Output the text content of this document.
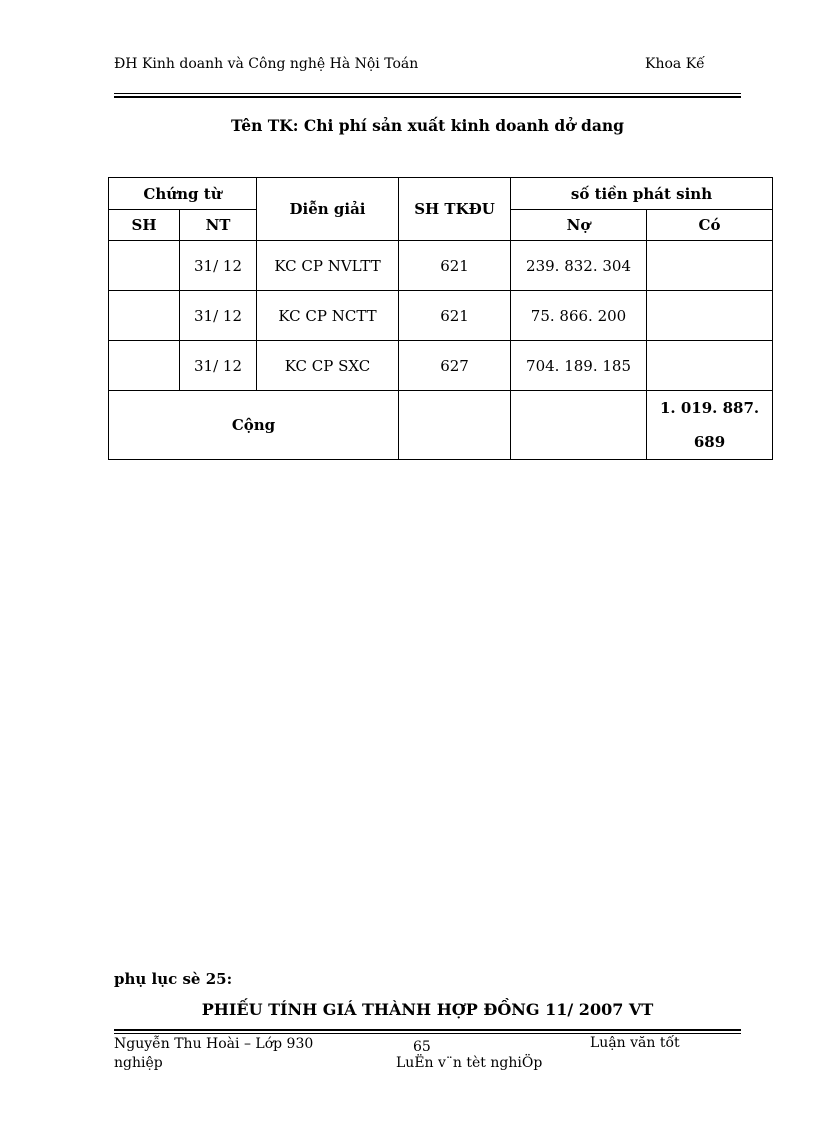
ĐH Kinh doanh và Công nghệ Hà Nội Toán	Khoa Kế
Tên TK: Chi phí sản xuất kinh doanh dở dang
Chứng từ		Diễn giải	SH TKĐU	số tiền phát sinh	
SH	NT			Nợ	Có
	31/ 12	KC CP NVLTT	621	239. 832. 304	
	31/ 12	KC CP NCTT	621	75. 866. 200	
	31/ 12	KC CP SXC	627	704. 189. 185	
Cộng					1. 019. 887. 689
phụ lục sè 25:
PHIẾU TÍNH GIÁ THÀNH HỢP ĐỒNG 11/ 2007 VT
Nguyễn Thu Hoài – Lớp 930 nghiệp
65	Luận văn tốt
LuËn v¨n tèt nghiÖp
